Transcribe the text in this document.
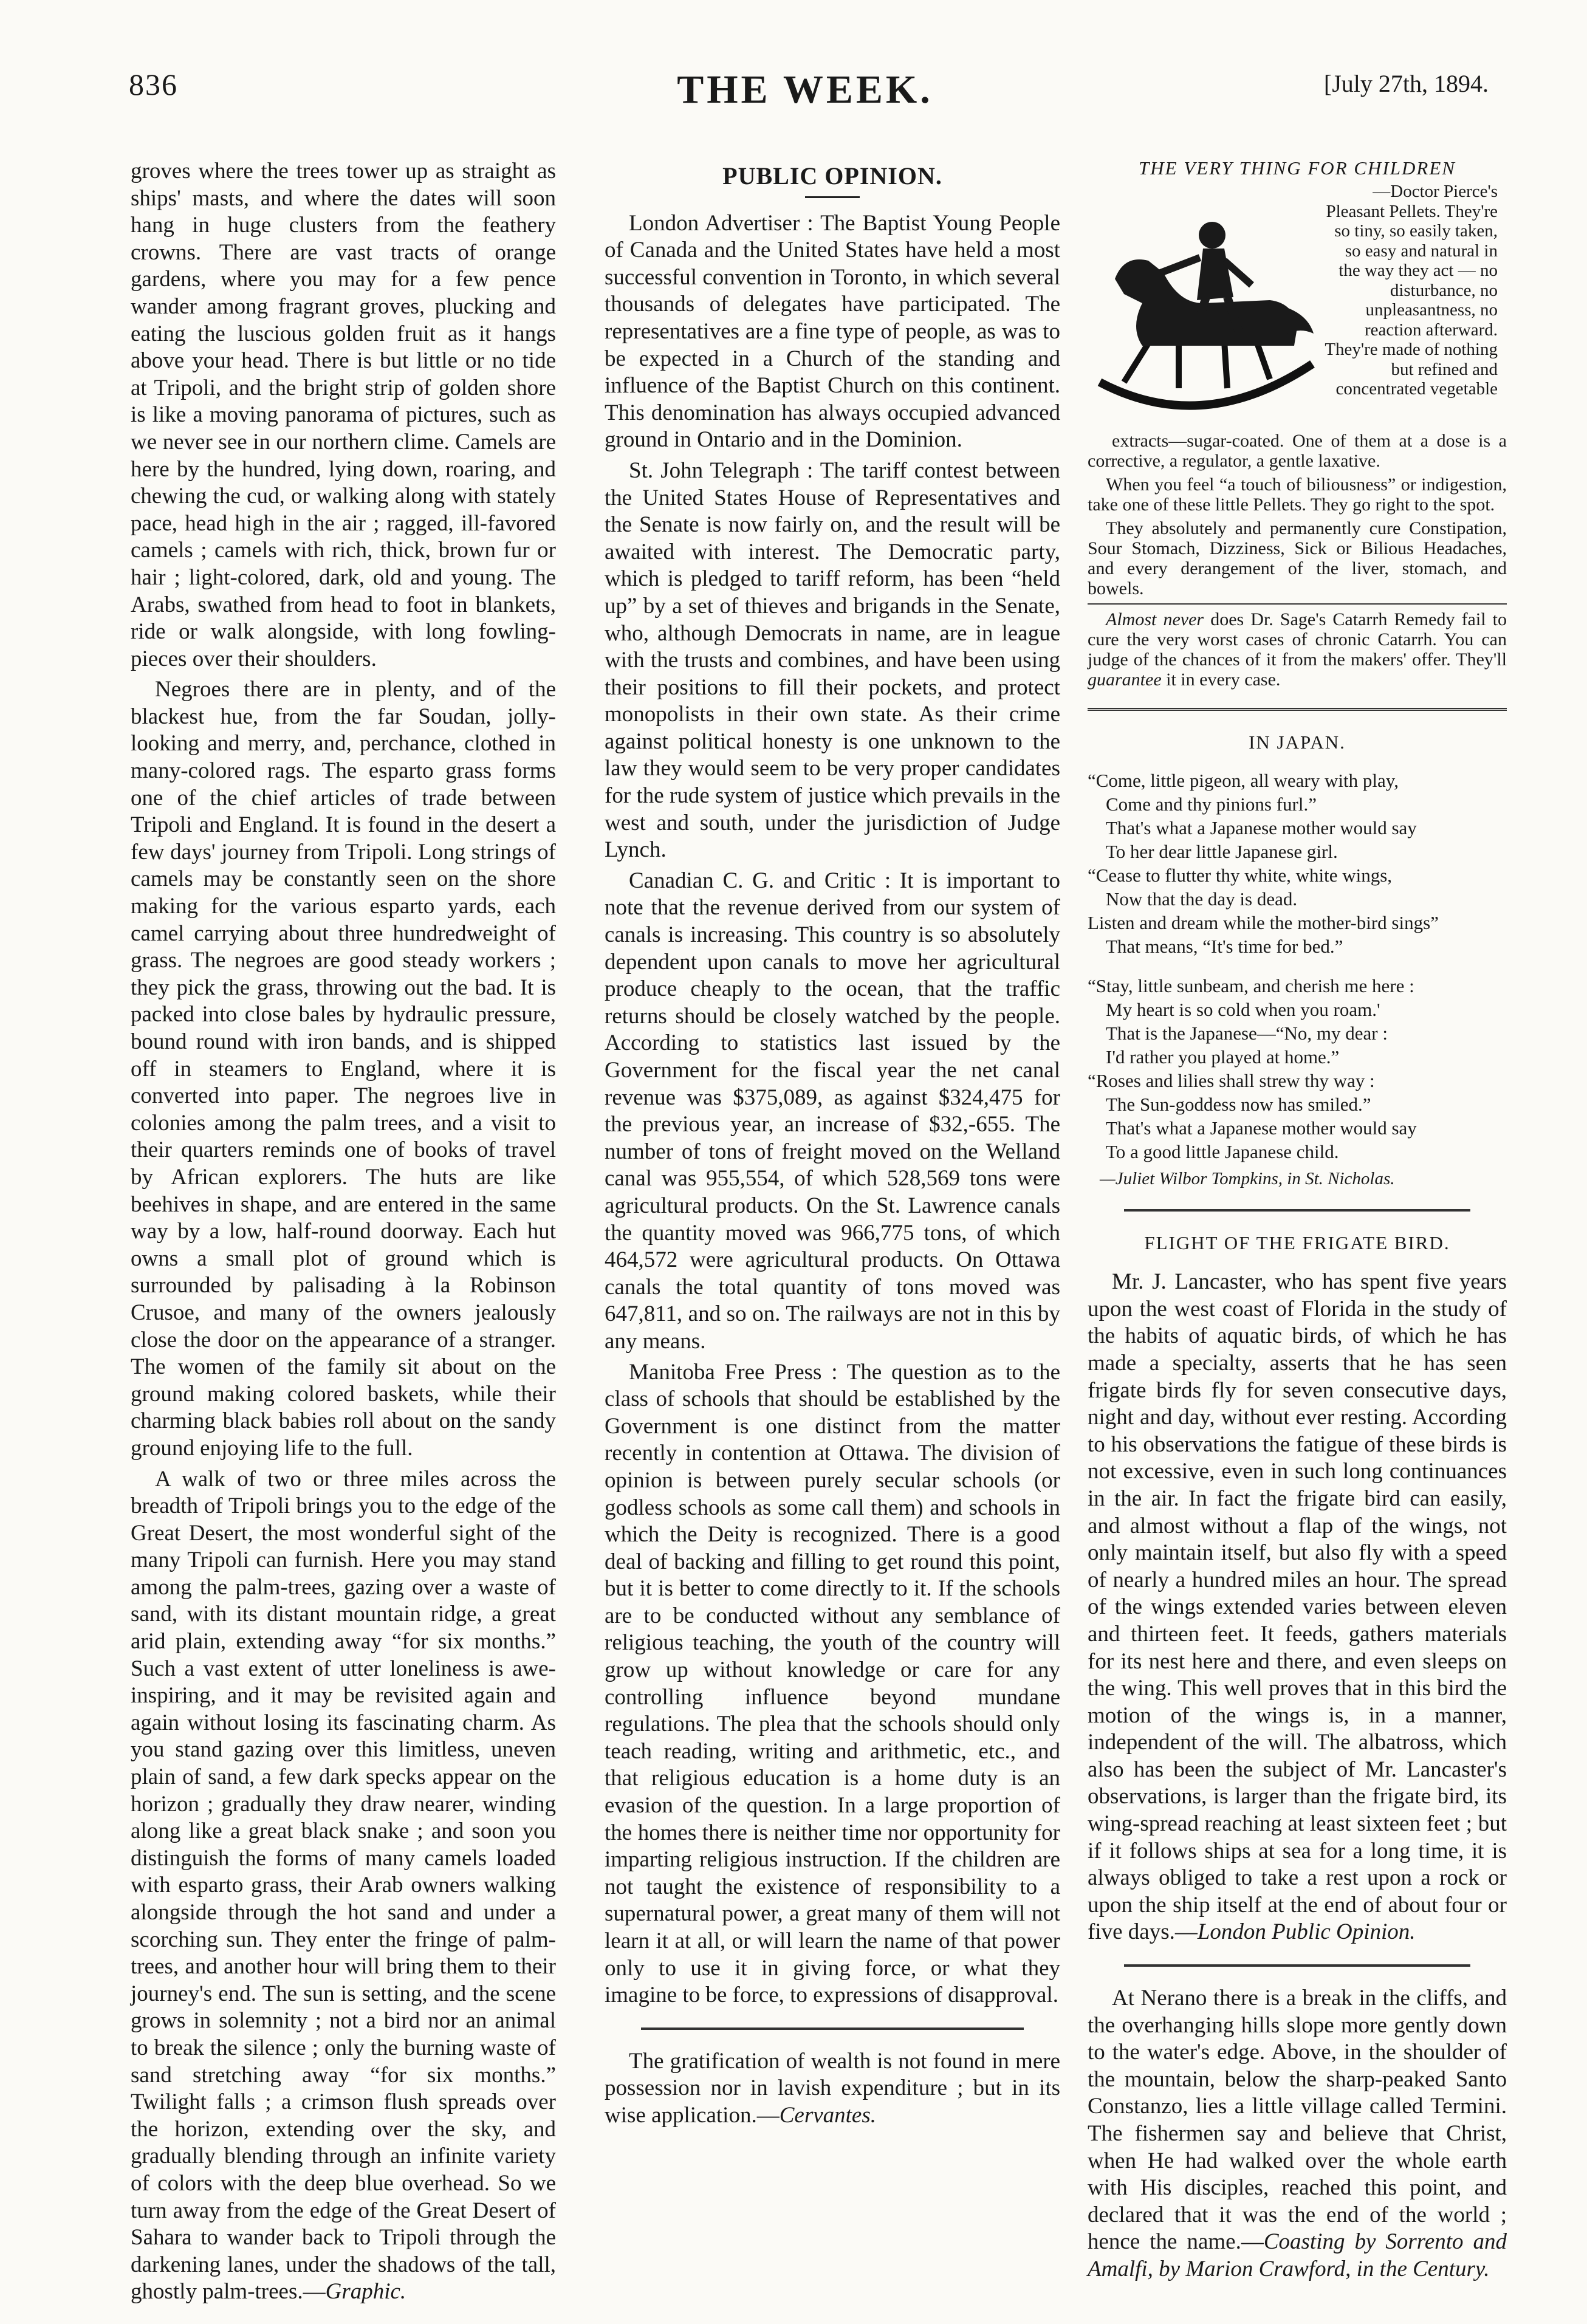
836	THE WEEK.	[July 27th, 1894.

groves where the trees tower up as straight as ships' masts, and where the dates will soon hang in huge clusters from the feathery crowns. There are vast tracts of orange gardens, where you may for a few pence wander among fragrant groves, plucking and eating the luscious golden fruit as it hangs above your head. There is but little or no tide at Tripoli, and the bright strip of golden shore is like a moving panorama of pictures, such as we never see in our northern clime. Camels are here by the hundred, lying down, roaring, and chewing the cud, or walking along with stately pace, head high in the air ; ragged, ill-favored camels ; camels with rich, thick, brown fur or hair ; light-colored, dark, old and young. The Arabs, swathed from head to foot in blankets, ride or walk alongside, with long fowling-pieces over their shoulders.

Negroes there are in plenty, and of the blackest hue, from the far Soudan, jolly-looking and merry, and, perchance, clothed in many-colored rags. The esparto grass forms one of the chief articles of trade between Tripoli and England. It is found in the desert a few days' journey from Tripoli. Long strings of camels may be constantly seen on the shore making for the various esparto yards, each camel carrying about three hundredweight of grass. The negroes are good steady workers ; they pick the grass, throwing out the bad. It is packed into close bales by hydraulic pressure, bound round with iron bands, and is shipped off in steamers to England, where it is converted into paper. The negroes live in colonies among the palm trees, and a visit to their quarters reminds one of books of travel by African explorers. The huts are like beehives in shape, and are entered in the same way by a low, half-round doorway. Each hut owns a small plot of ground which is surrounded by palisading à la Robinson Crusoe, and many of the owners jealously close the door on the appearance of a stranger. The women of the family sit about on the ground making colored baskets, while their charming black babies roll about on the sandy ground enjoying life to the full.

A walk of two or three miles across the breadth of Tripoli brings you to the edge of the Great Desert, the most wonderful sight of the many Tripoli can furnish. Here you may stand among the palm-trees, gazing over a waste of sand, with its distant mountain ridge, a great arid plain, extending away “for six months.” Such a vast extent of utter loneliness is awe-inspiring, and it may be revisited again and again without losing its fascinating charm. As you stand gazing over this limitless, uneven plain of sand, a few dark specks appear on the horizon ; gradually they draw nearer, winding along like a great black snake ; and soon you distinguish the forms of many camels loaded with esparto grass, their Arab owners walking alongside through the hot sand and under a scorching sun. They enter the fringe of palm-trees, and another hour will bring them to their journey's end. The sun is setting, and the scene grows in solemnity ; not a bird nor an animal to break the silence ; only the burning waste of sand stretching away “for six months.” Twilight falls ; a crimson flush spreads over the horizon, extending over the sky, and gradually blending through an infinite variety of colors with the deep blue overhead. So we turn away from the edge of the Great Desert of Sahara to wander back to Tripoli through the darkening lanes, under the shadows of the tall, ghostly palm-trees.—Graphic.

PUBLIC OPINION.

London Advertiser : The Baptist Young People of Canada and the United States have held a most successful convention in Toronto, in which several thousands of delegates have participated. The representatives are a fine type of people, as was to be expected in a Church of the standing and influence of the Baptist Church on this continent. This denomination has always occupied advanced ground in Ontario and in the Dominion.

St. John Telegraph : The tariff contest between the United States House of Representatives and the Senate is now fairly on, and the result will be awaited with interest. The Democratic party, which is pledged to tariff reform, has been “held up” by a set of thieves and brigands in the Senate, who, although Democrats in name, are in league with the trusts and combines, and have been using their positions to fill their pockets, and protect monopolists in their own state. As their crime against political honesty is one unknown to the law they would seem to be very proper candidates for the rude system of justice which prevails in the west and south, under the jurisdiction of Judge Lynch.

Canadian C. G. and Critic : It is important to note that the revenue derived from our system of canals is increasing. This country is so absolutely dependent upon canals to move her agricultural produce cheaply to the ocean, that the traffic returns should be closely watched by the people. According to statistics last issued by the Government for the fiscal year the net canal revenue was $375,089, as against $324,475 for the previous year, an increase of $32,-655. The number of tons of freight moved on the Welland canal was 955,554, of which 528,569 tons were agricultural products. On the St. Lawrence canals the quantity moved was 966,775 tons, of which 464,572 were agricultural products. On Ottawa canals the total quantity of tons moved was 647,811, and so on. The railways are not in this by any means.

Manitoba Free Press : The question as to the class of schools that should be established by the Government is one distinct from the matter recently in contention at Ottawa. The division of opinion is between purely secular schools (or godless schools as some call them) and schools in which the Deity is recognized. There is a good deal of backing and filling to get round this point, but it is better to come directly to it. If the schools are to be conducted without any semblance of religious teaching, the youth of the country will grow up without knowledge or care for any controlling influence beyond mundane regulations. The plea that the schools should only teach reading, writing and arithmetic, etc., and that religious education is a home duty is an evasion of the question. In a large proportion of the homes there is neither time nor opportunity for imparting religious instruction. If the children are not taught the existence of responsibility to a supernatural power, a great many of them will not learn it at all, or will learn the name of that power only to use it in giving force, or what they imagine to be force, to expressions of disapproval.

The gratification of wealth is not found in mere possession nor in lavish expenditure ; but in its wise application.—Cervantes.

THE VERY THING FOR CHILDREN
—Doctor Pierce's Pleasant Pellets. They're so tiny, so easily taken, so easy and natural in the way they act — no disturbance, no unpleasantness, no reaction afterward. They're made of nothing but refined and concentrated vegetable

extracts—sugar-coated. One of them at a dose is a corrective, a regulator, a gentle laxative.

When you feel “a touch of biliousness” or indigestion, take one of these little Pellets. They go right to the spot.

They absolutely and permanently cure Constipation, Sour Stomach, Dizziness, Sick or Bilious Headaches, and every derangement of the liver, stomach, and bowels.

Almost never does Dr. Sage's Catarrh Remedy fail to cure the very worst cases of chronic Catarrh. You can judge of the chances of it from the makers' offer. They'll guarantee it in every case.

IN JAPAN.
“Come, little pigeon, all weary with play,
Come and thy pinions furl.”
That's what a Japanese mother would say
To her dear little Japanese girl.
“Cease to flutter thy white, white wings,
Now that the day is dead.
Listen and dream while the mother-bird sings”
That means, “It's time for bed.”
“Stay, little sunbeam, and cherish me here :
My heart is so cold when you roam.'
That is the Japanese—“No, my dear :
I'd rather you played at home.”
“Roses and lilies shall strew thy way :
The Sun-goddess now has smiled.”
That's what a Japanese mother would say
To a good little Japanese child.
—Juliet Wilbor Tompkins, in St. Nicholas.
FLIGHT OF THE FRIGATE BIRD.

Mr. J. Lancaster, who has spent five years upon the west coast of Florida in the study of the habits of aquatic birds, of which he has made a specialty, asserts that he has seen frigate birds fly for seven consecutive days, night and day, without ever resting. According to his observations the fatigue of these birds is not excessive, even in such long continuances in the air. In fact the frigate bird can easily, and almost without a flap of the wings, not only maintain itself, but also fly with a speed of nearly a hundred miles an hour. The spread of the wings extended varies between eleven and thirteen feet. It feeds, gathers materials for its nest here and there, and even sleeps on the wing. This well proves that in this bird the motion of the wings is, in a manner, independent of the will. The albatross, which also has been the subject of Mr. Lancaster's observations, is larger than the frigate bird, its wing-spread reaching at least sixteen feet ; but if it follows ships at sea for a long time, it is always obliged to take a rest upon a rock or upon the ship itself at the end of about four or five days.—London Public Opinion.

At Nerano there is a break in the cliffs, and the overhanging hills slope more gently down to the water's edge. Above, in the shoulder of the mountain, below the sharp-peaked Santo Constanzo, lies a little village called Termini. The fishermen say and believe that Christ, when He had walked over the whole earth with His disciples, reached this point, and declared that it was the end of the world ; hence the name.—Coasting by Sorrento and Amalfi, by Marion Crawford, in the Century.
